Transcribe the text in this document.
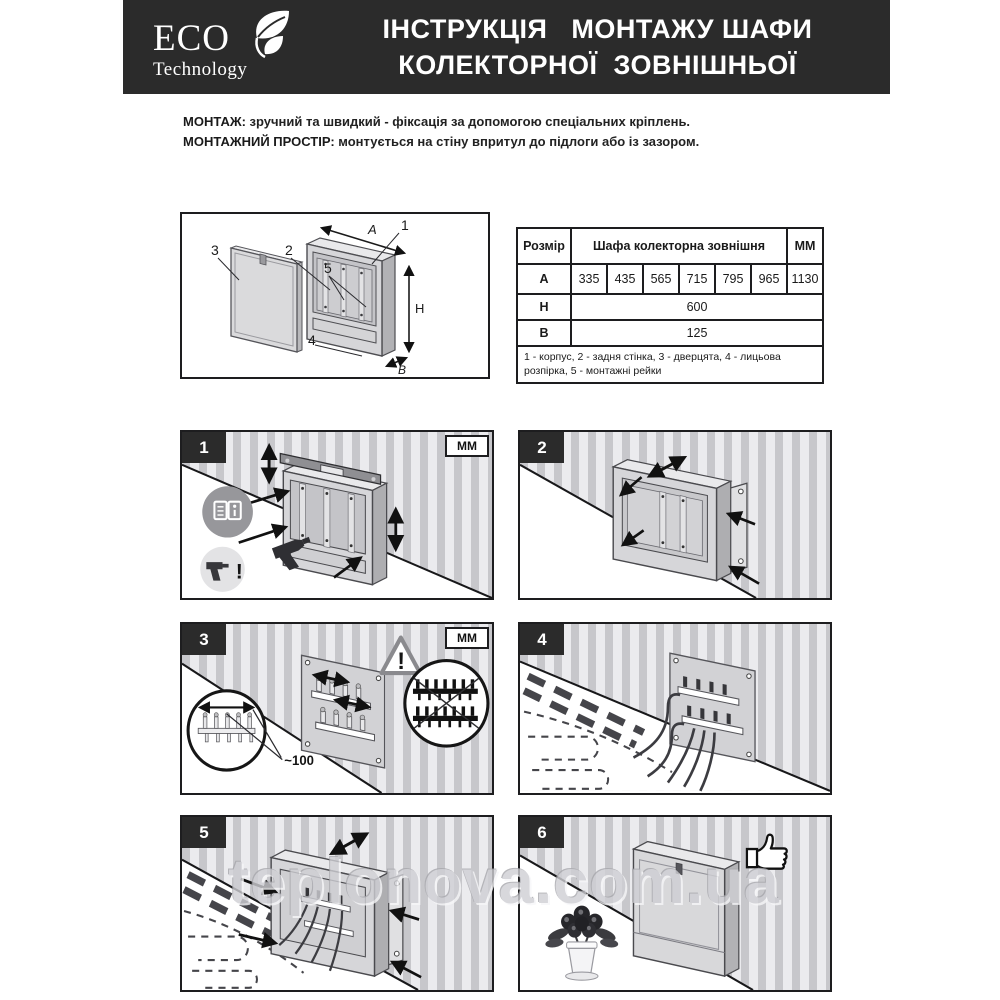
ECO
Technology
ІНСТРУКЦІЯ   МОНТАЖУ ШАФИ
КОЛЕКТОРНОЇ  ЗОВНІШНЬОЇ
МОНТАЖ: зручний та швидкий - фіксація за допомогою спеціальних кріплень.
МОНТАЖНИЙ ПРОСТІР: монтується на стіну впритул до підлоги або із зазором.
A
H
B
1
2
3
5
4
Розмір	Шафа колекторна зовнішня						ММ
A	335	435	565	715	795	965	1130
H	600						
B	125						
1 - корпус, 2 - задня стінка, 3 - дверцята, 4 - лицьова розпірка, 5 - монтажні рейки							
1	ММ
!
2
3	ММ
!
~100
4
5	6
teplonova.com.ua
